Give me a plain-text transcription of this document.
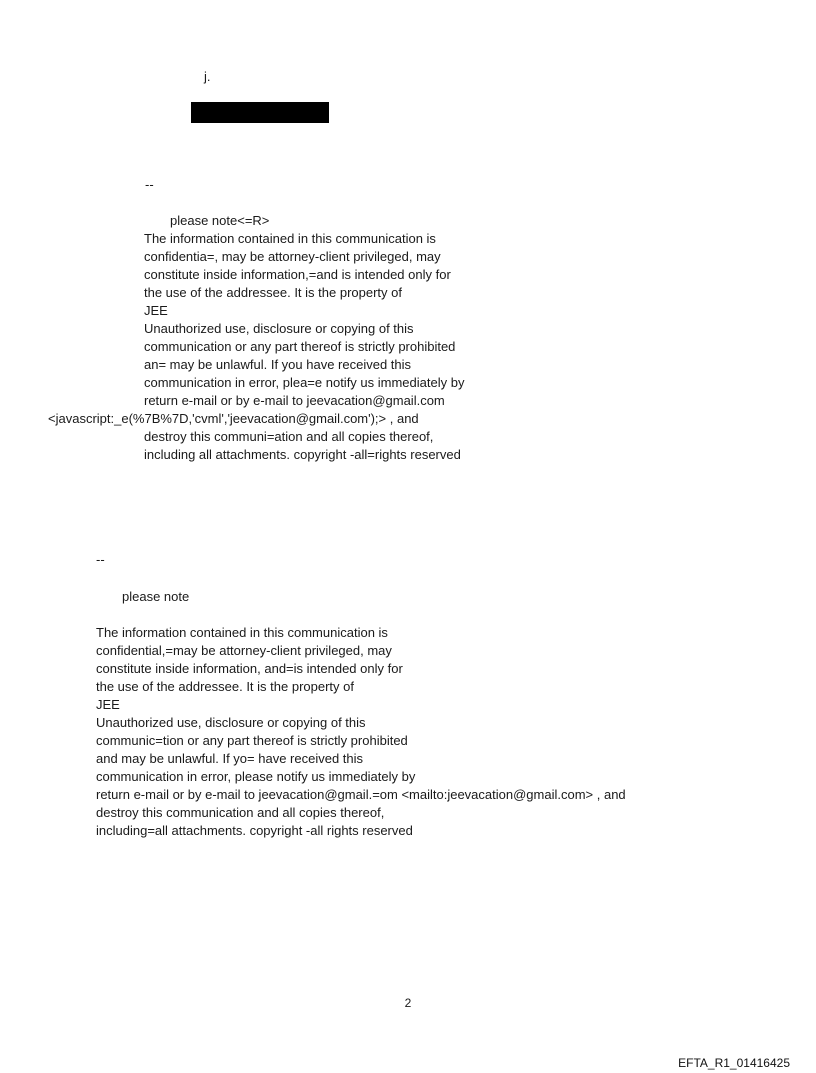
j.

--

please note<=R>

The information contained in this communication is
confidentia=, may be attorney-client privileged, may
constitute inside information,=and is intended only for
the use of the addressee. It is the property of
JEE
Unauthorized use, disclosure or copying of this
communication or any part thereof is strictly prohibited
an= may be unlawful. If you have received this
communication in error, plea=e notify us immediately by
return e-mail or by e-mail to jeevacation@gmail.com

<javascript:_e(%7B%7D,'cvml','jeevacation@gmail.com');> , and

destroy this communi=ation and all copies thereof,
including all attachments. copyright -all=rights reserved

--

please note

The information contained in this communication is
confidential,=may be attorney-client privileged, may
constitute inside information, and=is intended only for
the use of the addressee. It is the property of
JEE
Unauthorized use, disclosure or copying of this
communic=tion or any part thereof is strictly prohibited
and may be unlawful. If yo= have received this
communication in error, please notify us immediately by
return e-mail or by e-mail to jeevacation@gmail.=om <mailto:jeevacation@gmail.com> , and
destroy this communication and all copies thereof,
including=all attachments. copyright -all rights reserved
2
EFTA_R1_01416425
